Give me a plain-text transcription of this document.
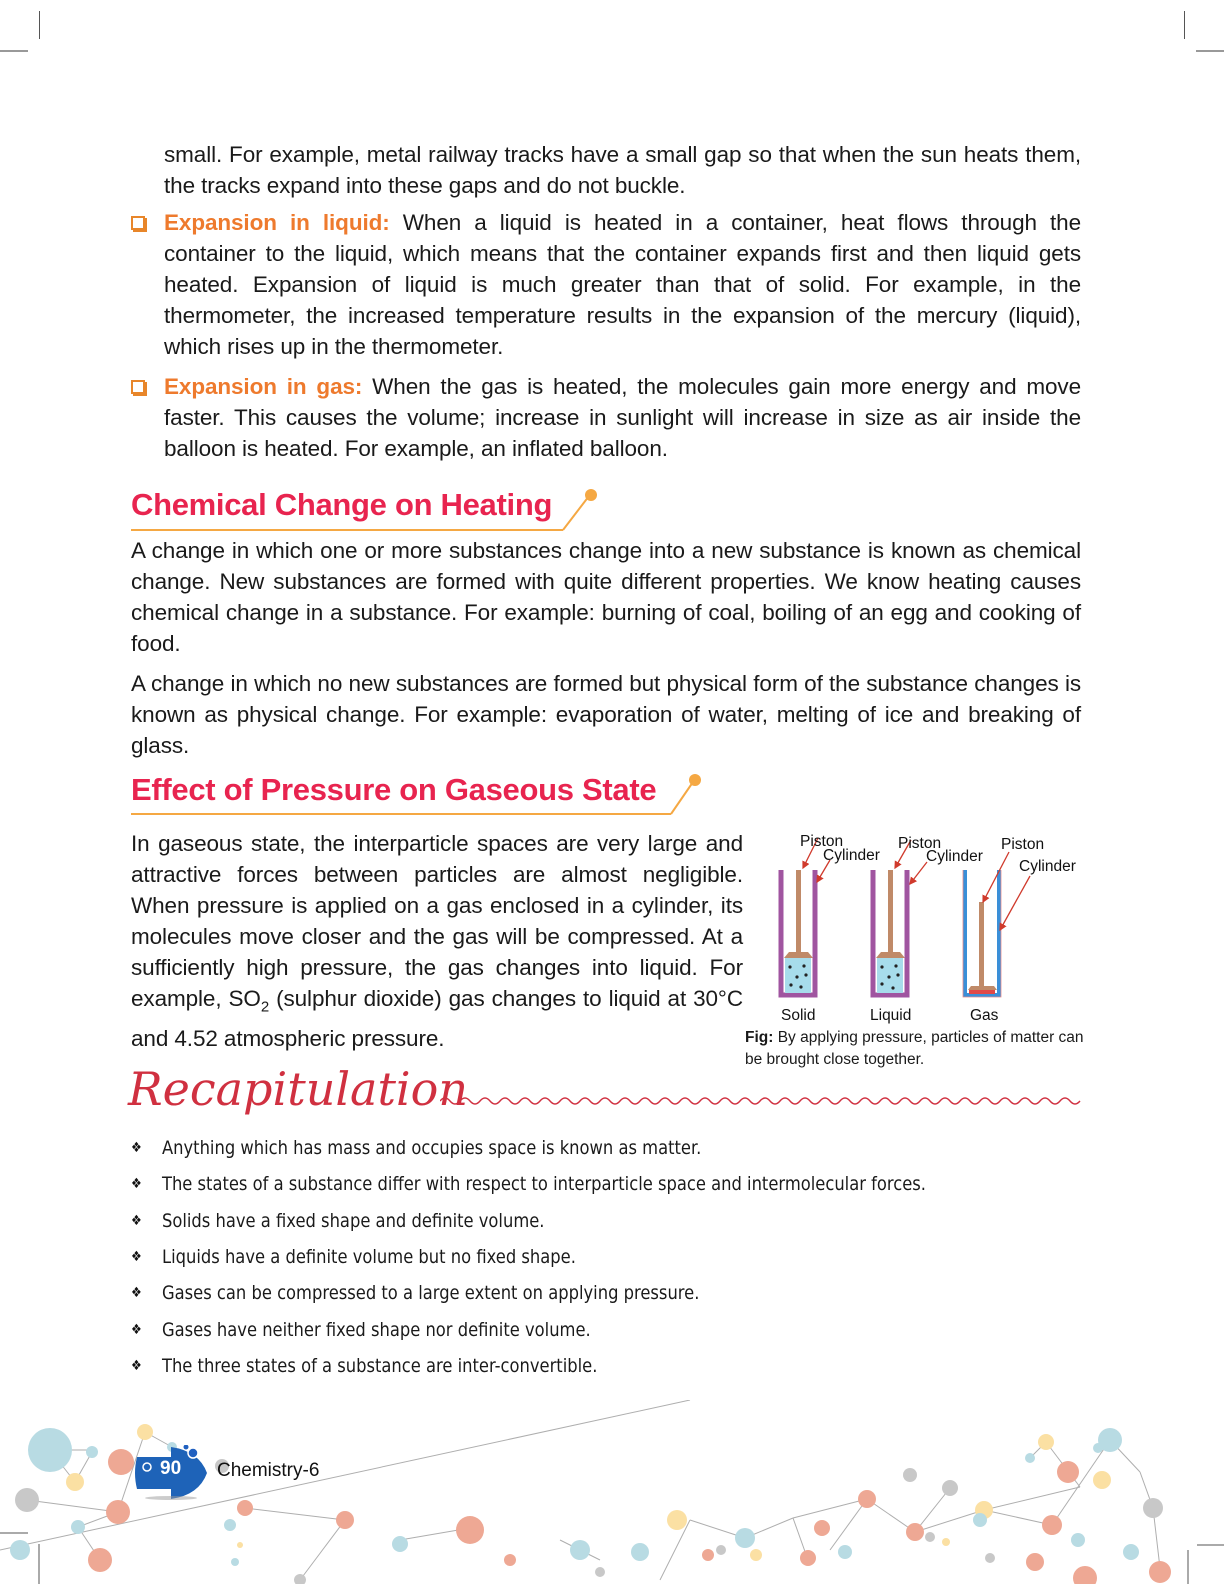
small. For example, metal railway tracks have a small gap so that when the sun heats them, the tracks expand into these gaps and do not buckle.

Expansion in liquid: When a liquid is heated in a container, heat flows through the container to the liquid, which means that the container expands first and then liquid gets heated. Expansion of liquid is much greater than that of solid. For example, in the thermometer, the increased temperature results in the expansion of the mercury (liquid), which rises up in the thermometer.

Expansion in gas: When the gas is heated, the molecules gain more energy and move faster. This causes the volume; increase in sunlight will increase in size as air inside the balloon is heated. For example, an inflated balloon.

Chemical Change on Heating

A change in which one or more substances change into a new substance is known as chemical change. New substances are formed with quite different properties. We know heating causes chemical change in a substance. For example: burning of coal, boiling of an egg and cooking of food.

A change in which no new substances are formed but physical form of the substance changes is known as physical change. For example: evaporation of water, melting of ice and breaking of glass.

Effect of Pressure on Gaseous State

In gaseous state, the interparticle spaces are very large and attractive forces between particles are almost negligible. When pressure is applied on a gas enclosed in a cylinder, its molecules move closer and the gas will be compressed. At a sufficiently high pressure, the gas changes into liquid. For example, $SO_2$ (sulphur dioxide) gas changes to liquid at 30°C and 4.52 atmospheric pressure.

Piston
Cylinder
Piston
Cylinder
Piston
Cylinder
Solid	Liquid	Gas
Fig: By applying pressure, particles of matter can be brought close together.
Recapitulation
❖	Anything which has mass and occupies space is known as matter.
❖	The states of a substance differ with respect to interparticle space and intermolecular forces.
❖	Solids have a fixed shape and definite volume.
❖	Liquids have a definite volume but no fixed shape.
❖	Gases can be compressed to a large extent on applying pressure.
❖	Gases have neither fixed shape nor definite volume.
❖	The three states of a substance are inter-convertible.
90 Chemistry-6
